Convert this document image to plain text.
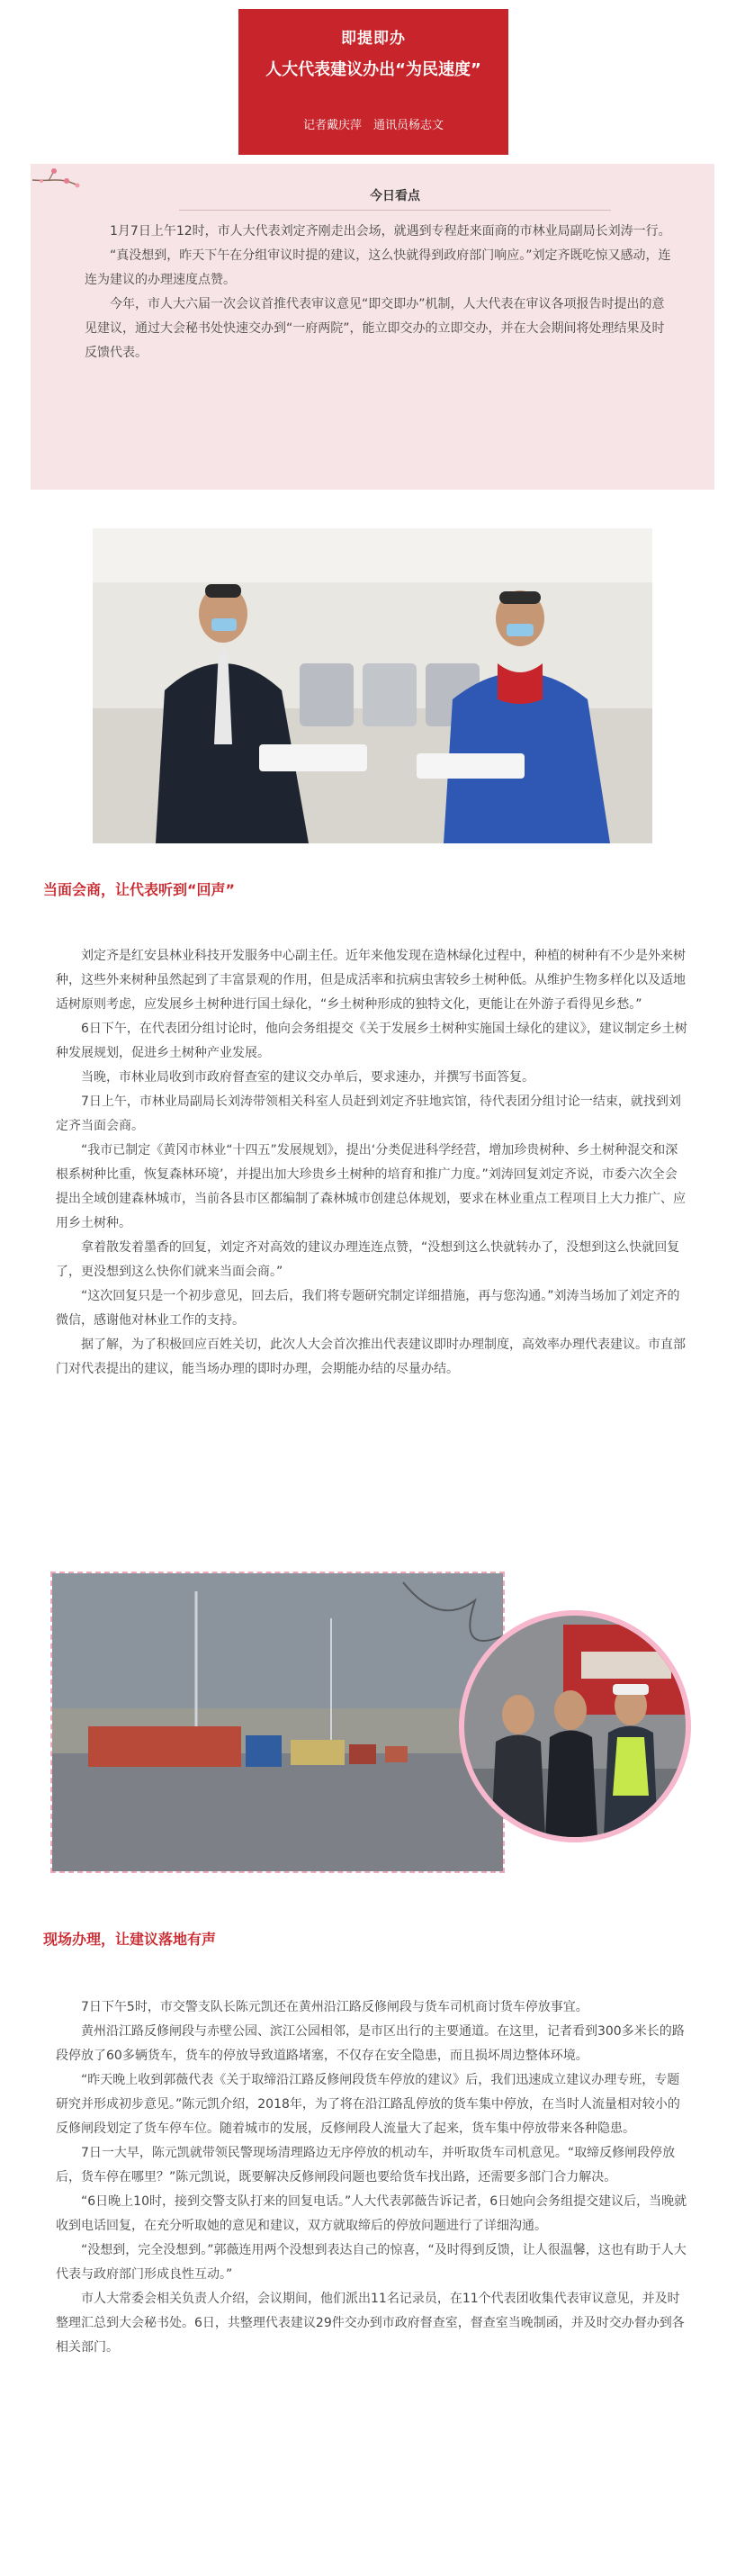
即提即办
人大代表建议办出“为民速度”
记者戴庆萍　通讯员杨志文
今日看点

1月7日上午12时，市人大代表刘定齐刚走出会场，就遇到专程赶来面商的市林业局副局长刘涛一行。

“真没想到，昨天下午在分组审议时提的建议，这么快就得到政府部门响应。”刘定齐既吃惊又感动，连连为建议的办理速度点赞。

今年，市人大六届一次会议首推代表审议意见“即交即办”机制，人大代表在审议各项报告时提出的意见建议，通过大会秘书处快速交办到“一府两院”，能立即交办的立即交办，并在大会期间将处理结果及时反馈代表。

当面会商，让代表听到“回声”

刘定齐是红安县林业科技开发服务中心副主任。近年来他发现在造林绿化过程中，种植的树种有不少是外来树种，这些外来树种虽然起到了丰富景观的作用，但是成活率和抗病虫害较乡土树种低。从维护生物多样化以及适地适树原则考虑，应发展乡土树种进行国土绿化，“乡土树种形成的独特文化，更能让在外游子看得见乡愁。”

6日下午，在代表团分组讨论时，他向会务组提交《关于发展乡土树种实施国土绿化的建议》，建议制定乡土树种发展规划，促进乡土树种产业发展。

当晚，市林业局收到市政府督查室的建议交办单后，要求速办，并撰写书面答复。

7日上午，市林业局副局长刘涛带领相关科室人员赶到刘定齐驻地宾馆，待代表团分组讨论一结束，就找到刘定齐当面会商。

“我市已制定《黄冈市林业“十四五”发展规划》，提出‘分类促进科学经营，增加珍贵树种、乡土树种混交和深根系树种比重，恢复森林环境’，并提出加大珍贵乡土树种的培育和推广力度。”刘涛回复刘定齐说，市委六次全会提出全域创建森林城市，当前各县市区都编制了森林城市创建总体规划，要求在林业重点工程项目上大力推广、应用乡土树种。

拿着散发着墨香的回复，刘定齐对高效的建议办理连连点赞，“没想到这么快就转办了，没想到这么快就回复了，更没想到这么快你们就来当面会商。”

“这次回复只是一个初步意见，回去后，我们将专题研究制定详细措施，再与您沟通。”刘涛当场加了刘定齐的微信，感谢他对林业工作的支持。

据了解，为了积极回应百姓关切，此次人大会首次推出代表建议即时办理制度，高效率办理代表建议。市直部门对代表提出的建议，能当场办理的即时办理，会期能办结的尽量办结。

现场办理，让建议落地有声

7日下午5时，市交警支队长陈元凯还在黄州沿江路反修闸段与货车司机商讨货车停放事宜。

黄州沿江路反修闸段与赤壁公园、滨江公园相邻，是市区出行的主要通道。在这里，记者看到300多米长的路段停放了60多辆货车，货车的停放导致道路堵塞，不仅存在安全隐患，而且损坏周边整体环境。

“昨天晚上收到郭薇代表《关于取缔沿江路反修闸段货车停放的建议》后，我们迅速成立建议办理专班，专题研究并形成初步意见。”陈元凯介绍，2018年，为了将在沿江路乱停放的货车集中停放，在当时人流量相对较小的反修闸段划定了货车停车位。随着城市的发展，反修闸段人流量大了起来，货车集中停放带来各种隐患。

7日一大早，陈元凯就带领民警现场清理路边无序停放的机动车，并听取货车司机意见。“取缔反修闸段停放后，货车停在哪里？”陈元凯说，既要解决反修闸段问题也要给货车找出路，还需要多部门合力解决。

“6日晚上10时，接到交警支队打来的回复电话。”人大代表郭薇告诉记者，6日她向会务组提交建议后，当晚就收到电话回复，在充分听取她的意见和建议，双方就取缔后的停放问题进行了详细沟通。

“没想到，完全没想到。”郭薇连用两个没想到表达自己的惊喜，“及时得到反馈，让人很温馨，这也有助于人大代表与政府部门形成良性互动。”

市人大常委会相关负责人介绍，会议期间，他们派出11名记录员，在11个代表团收集代表审议意见，并及时整理汇总到大会秘书处。6日，共整理代表建议29件交办到市政府督查室，督查室当晚制函，并及时交办督办到各相关部门。
